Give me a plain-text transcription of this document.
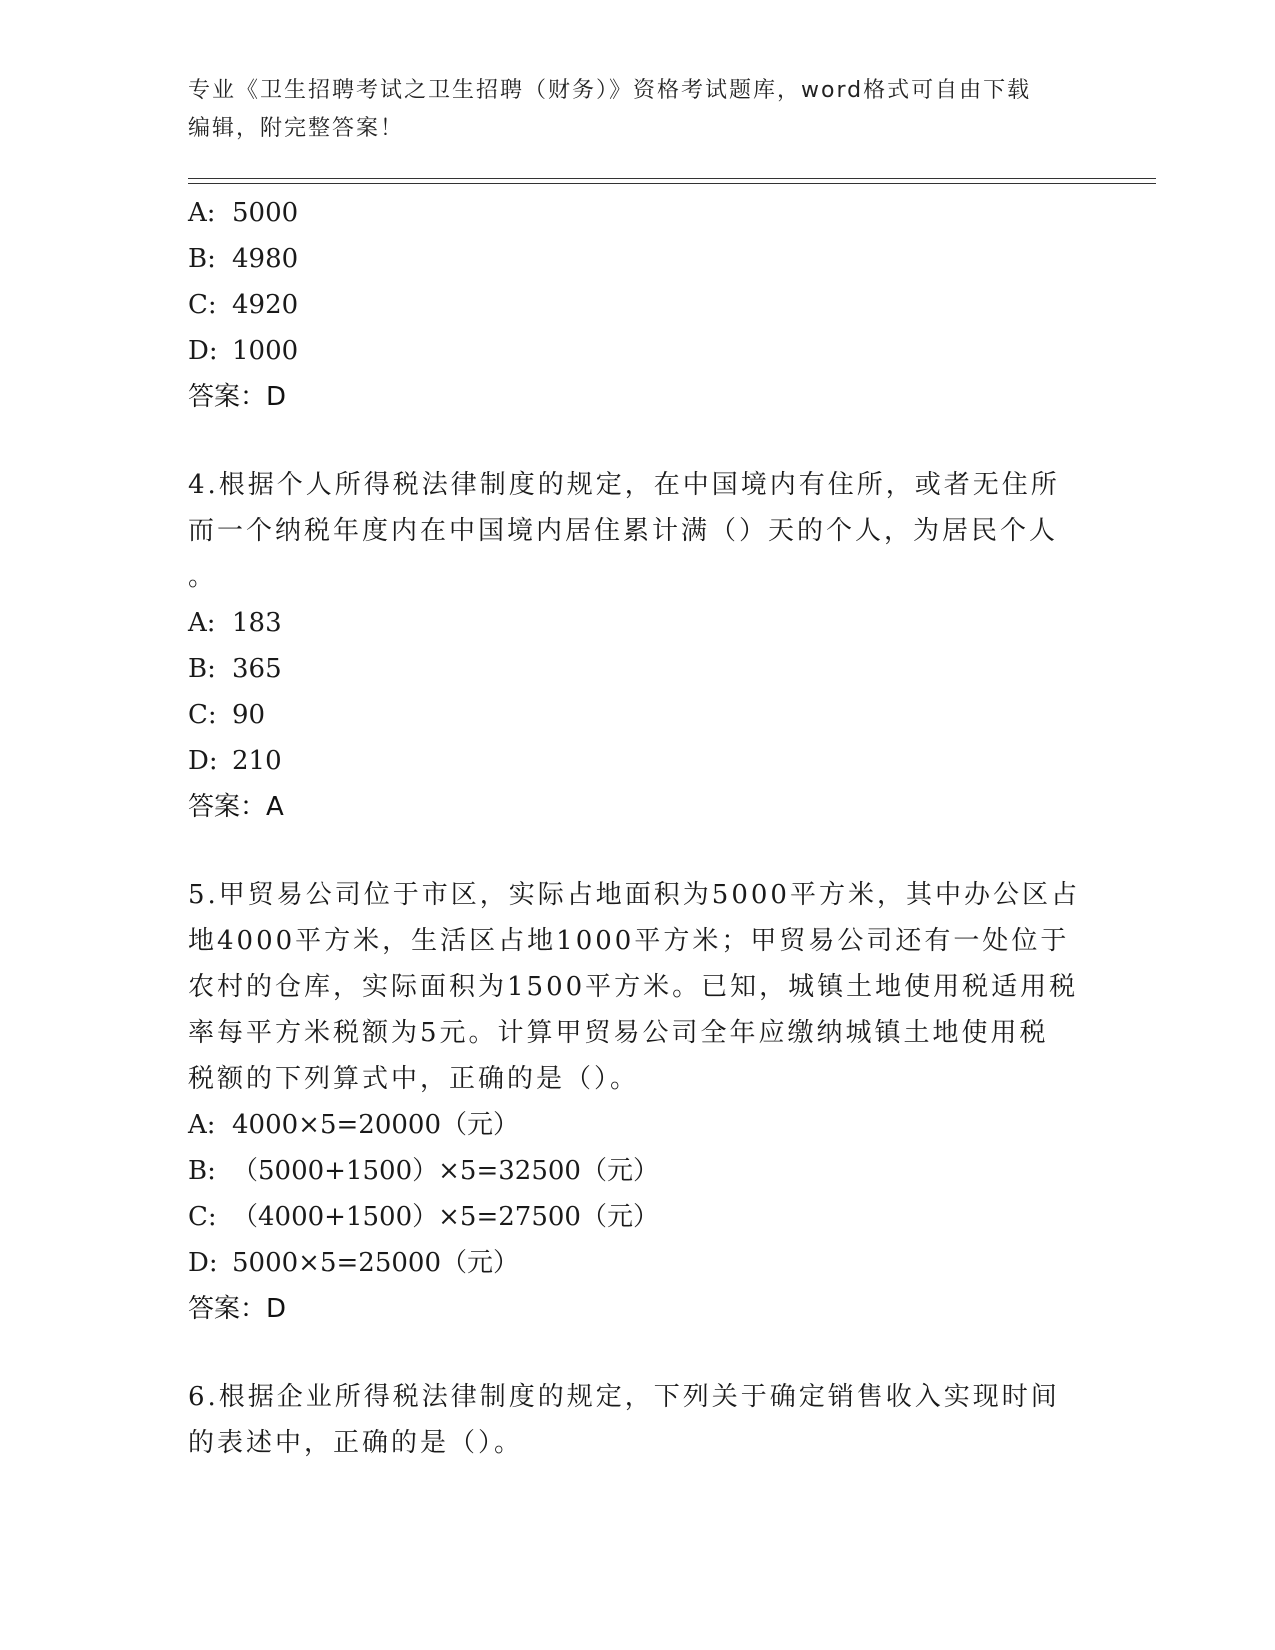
专业《卫生招聘考试之卫生招聘（财务）》资格考试题库，word格式可自由下载
编辑，附完整答案！
A: 5000
B: 4980
C: 4920
D: 1000
答案：D
4.根据个人所得税法律制度的规定，在中国境内有住所，或者无住所
而一个纳税年度内在中国境内居住累计满（）天的个人，为居民个人
。
A: 183
B: 365
C: 90
D: 210
答案：A
5.甲贸易公司位于市区，实际占地面积为5000平方米，其中办公区占
地4000平方米，生活区占地1000平方米；甲贸易公司还有一处位于
农村的仓库，实际面积为1500平方米。已知，城镇土地使用税适用税
率每平方米税额为5元。计算甲贸易公司全年应缴纳城镇土地使用税
税额的下列算式中，正确的是（）。
A: 4000×5=20000（元）
B: （5000+1500）×5=32500（元）
C: （4000+1500）×5=27500（元）
D: 5000×5=25000（元）
答案：D
6.根据企业所得税法律制度的规定，下列关于确定销售收入实现时间
的表述中，正确的是（）。
